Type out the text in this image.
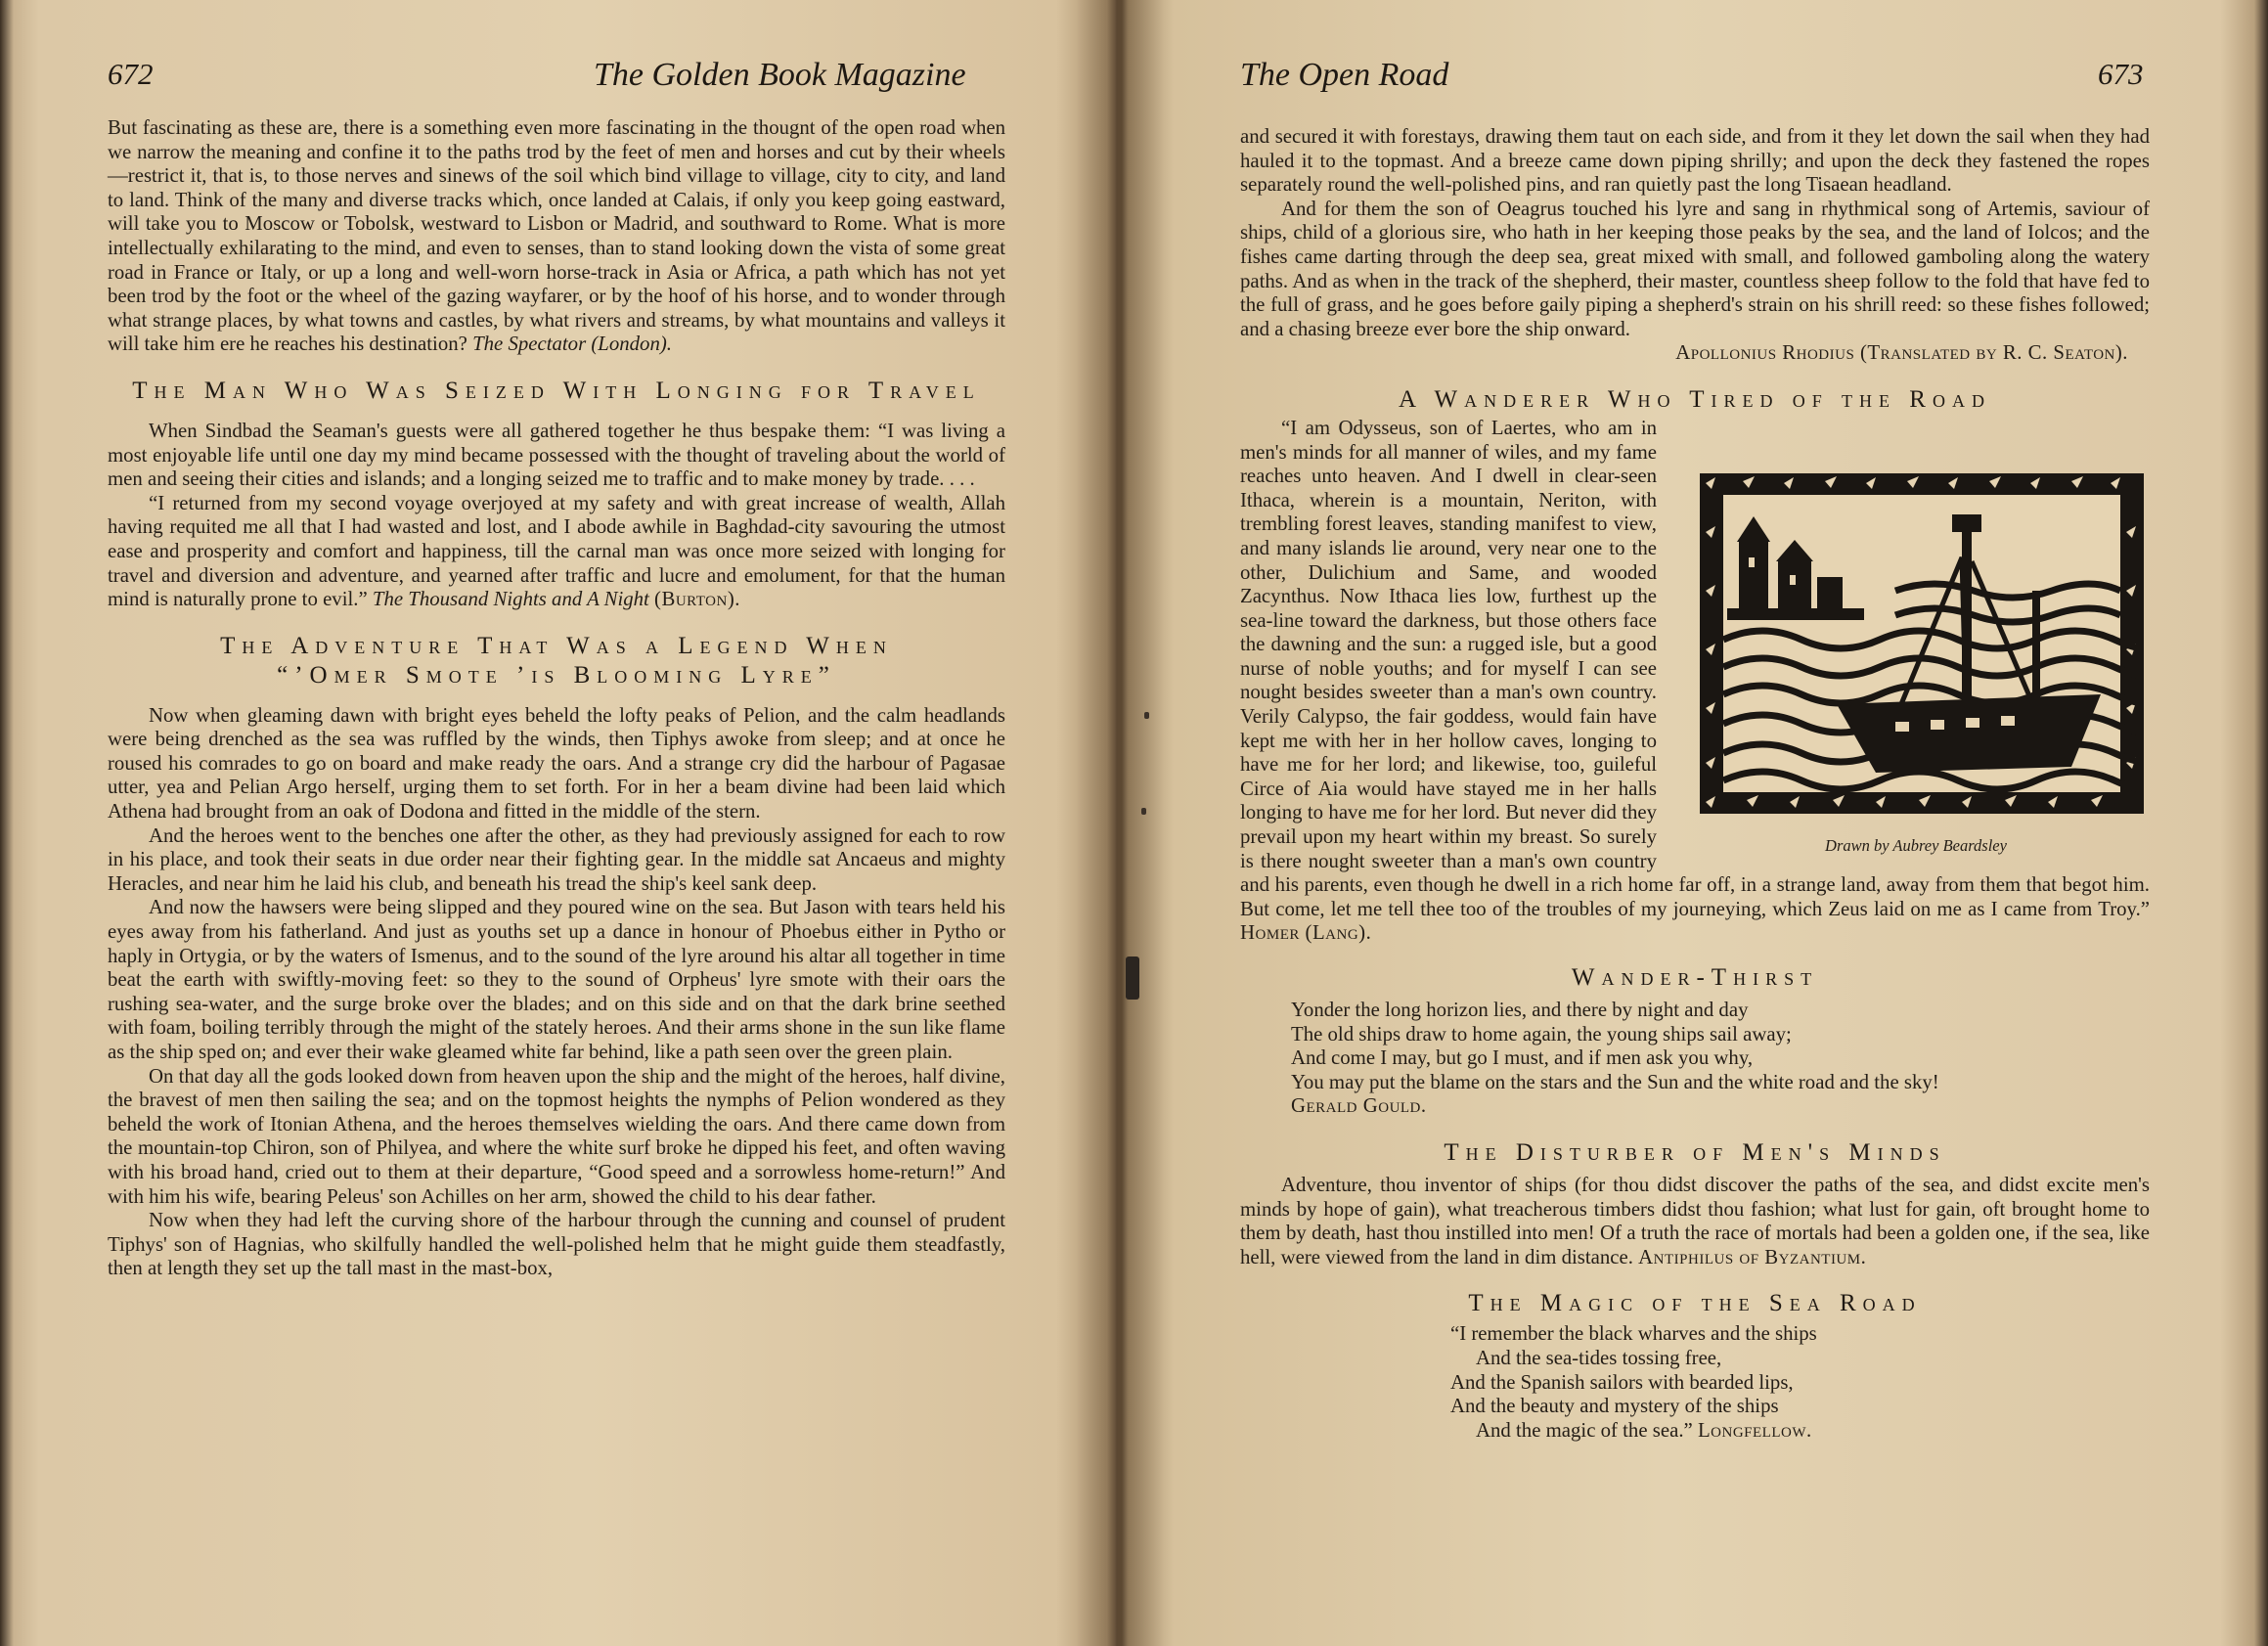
672	The Golden Book Magazine

But fascinating as these are, there is a something even more fascinating in the thougnt of the open road when we narrow the meaning and confine it to the paths trod by the feet of men and horses and cut by their wheels—restrict it, that is, to those nerves and sinews of the soil which bind village to village, city to city, and land to land. Think of the many and diverse tracks which, once landed at Calais, if only you keep going eastward, will take you to Moscow or Tobolsk, westward to Lisbon or Madrid, and southward to Rome. What is more intellectually exhilarating to the mind, and even to senses, than to stand looking down the vista of some great road in France or Italy, or up a long and well-worn horse-track in Asia or Africa, a path which has not yet been trod by the foot or the wheel of the gazing wayfarer, or by the hoof of his horse, and to wonder through what strange places, by what towns and castles, by what rivers and streams, by what mountains and valleys it will take him ere he reaches his destination? The Spectator (London).

The Man Who Was Seized With Longing for Travel

When Sindbad the Seaman's guests were all gathered together he thus bespake them: “I was living a most enjoyable life until one day my mind became possessed with the thought of traveling about the world of men and seeing their cities and islands; and a longing seized me to traffic and to make money by trade. . . .

“I returned from my second voyage overjoyed at my safety and with great increase of wealth, Allah having requited me all that I had wasted and lost, and I abode awhile in Baghdad-city savouring the utmost ease and prosperity and comfort and happiness, till the carnal man was once more seized with longing for travel and diversion and adventure, and yearned after traffic and lucre and emolument, for that the human mind is naturally prone to evil.” The Thousand Nights and A Night (Burton).

The Adventure That Was a Legend When
“’Omer Smote ’is Blooming Lyre”

Now when gleaming dawn with bright eyes beheld the lofty peaks of Pelion, and the calm headlands were being drenched as the sea was ruffled by the winds, then Tiphys awoke from sleep; and at once he roused his comrades to go on board and make ready the oars. And a strange cry did the harbour of Pagasae utter, yea and Pelian Argo herself, urging them to set forth. For in her a beam divine had been laid which Athena had brought from an oak of Dodona and fitted in the middle of the stern.

And the heroes went to the benches one after the other, as they had previously assigned for each to row in his place, and took their seats in due order near their fighting gear. In the middle sat Ancaeus and mighty Heracles, and near him he laid his club, and beneath his tread the ship's keel sank deep.

And now the hawsers were being slipped and they poured wine on the sea. But Jason with tears held his eyes away from his fatherland. And just as youths set up a dance in honour of Phoebus either in Pytho or haply in Ortygia, or by the waters of Ismenus, and to the sound of the lyre around his altar all together in time beat the earth with swiftly-moving feet: so they to the sound of Orpheus' lyre smote with their oars the rushing sea-water, and the surge broke over the blades; and on this side and on that the dark brine seethed with foam, boiling terribly through the might of the stately heroes. And their arms shone in the sun like flame as the ship sped on; and ever their wake gleamed white far behind, like a path seen over the green plain.

On that day all the gods looked down from heaven upon the ship and the might of the heroes, half divine, the bravest of men then sailing the sea; and on the topmost heights the nymphs of Pelion wondered as they beheld the work of Itonian Athena, and the heroes themselves wielding the oars. And there came down from the mountain-top Chiron, son of Philyea, and where the white surf broke he dipped his feet, and often waving with his broad hand, cried out to them at their departure, “Good speed and a sorrowless home-return!” And with him his wife, bearing Peleus' son Achilles on her arm, showed the child to his dear father.

Now when they had left the curving shore of the harbour through the cunning and counsel of prudent Tiphys' son of Hagnias, who skilfully handled the well-polished helm that he might guide them steadfastly, then at length they set up the tall mast in the mast-box,

The Open Road	673

and secured it with forestays, drawing them taut on each side, and from it they let down the sail when they had hauled it to the topmast. And a breeze came down piping shrilly; and upon the deck they fastened the ropes separately round the well-polished pins, and ran quietly past the long Tisaean headland.

And for them the son of Oeagrus touched his lyre and sang in rhythmical song of Artemis, saviour of ships, child of a glorious sire, who hath in her keeping those peaks by the sea, and the land of Iolcos; and the fishes came darting through the deep sea, great mixed with small, and followed gamboling along the watery paths. And as when in the track of the shepherd, their master, countless sheep follow to the fold that have fed to the full of grass, and he goes before gaily piping a shepherd's strain on his shrill reed: so these fishes followed; and a chasing breeze ever bore the ship onward.

Apollonius Rhodius (Translated by R. C. Seaton).

A Wanderer Who Tired of the Road
Drawn by Aubrey Beardsley

“I am Odysseus, son of Laertes, who am in men's minds for all manner of wiles, and my fame reaches unto heaven. And I dwell in clear-seen Ithaca, wherein is a mountain, Neriton, with trembling forest leaves, standing manifest to view, and many islands lie around, very near one to the other, Dulichium and Same, and wooded Zacynthus. Now Ithaca lies low, furthest up the sea-line toward the darkness, but those others face the dawning and the sun: a rugged isle, but a good nurse of noble youths; and for myself I can see nought besides sweeter than a man's own country. Verily Calypso, the fair goddess, would fain have kept me with her in her hollow caves, longing to have me for her lord; and likewise, too, guileful Circe of Aia would have stayed me in her halls longing to have me for her lord. But never did they prevail upon my heart within my breast. So surely is there nought sweeter than a man's own country and his parents, even though he dwell in a rich home far off, in a strange land, away from them that begot him. But come, let me tell thee too of the troubles of my journeying, which Zeus laid on me as I came from Troy.” Homer (Lang).

Wander-Thirst

Yonder the long horizon lies, and there by night and day

The old ships draw to home again, the young ships sail away;

And come I may, but go I must, and if men ask you why,

You may put the blame on the stars and the Sun and the white road and the sky!

Gerald Gould.

The Disturber of Men's Minds

Adventure, thou inventor of ships (for thou didst discover the paths of the sea, and didst excite men's minds by hope of gain), what treacherous timbers didst thou fashion; what lust for gain, oft brought home to them by death, hast thou instilled into men! Of a truth the race of mortals had been a golden one, if the sea, like hell, were viewed from the land in dim distance. Antiphilus of Byzantium.

The Magic of the Sea Road

“I remember the black wharves and the ships

And the sea-tides tossing free,

And the Spanish sailors with bearded lips,

And the beauty and mystery of the ships

And the magic of the sea.” Longfellow.
